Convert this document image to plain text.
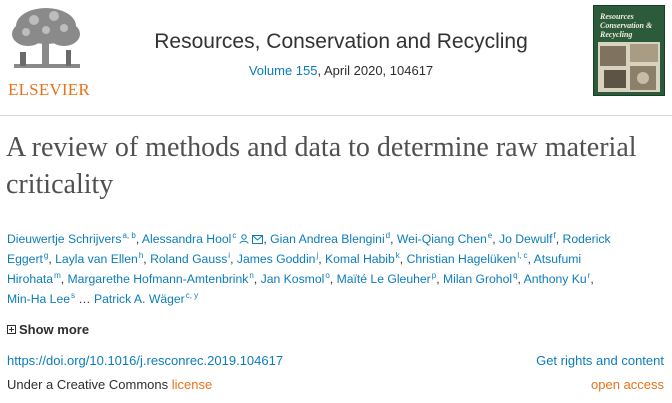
ELSEVIER
Resources, Conservation and Recycling
Volume 155, April 2020, 104617
Resources
Conservation &
Recycling
A review of methods and data to determine raw material criticality
Dieuwertje Schrijvers$^{a, b}$, Alessandra Hool$^c$ , Gian Andrea Blengini$^d$, Wei-Qiang Chen$^e$, Jo Dewulf$^f$, Roderick
Eggert$^g$, Layla van Ellen$^h$, Roland Gauss$^i$, James Goddin$^j$, Komal Habib$^k$, Christian Hagelüken$^{l, c}$, Atsufumi
Hirohata$^m$, Margarethe Hofmann-Amtenbrink$^n$, Jan Kosmol$^o$, Maïté Le Gleuher$^p$, Milan Grohol$^q$, Anthony Ku$^r$,
Min-Ha Lee$^s$ … Patrick A. Wäger$^{c, y}$
Show more
https://doi.org/10.1016/j.resconrec.2019.104617	Get rights and content
Under a Creative Commons license	open access
